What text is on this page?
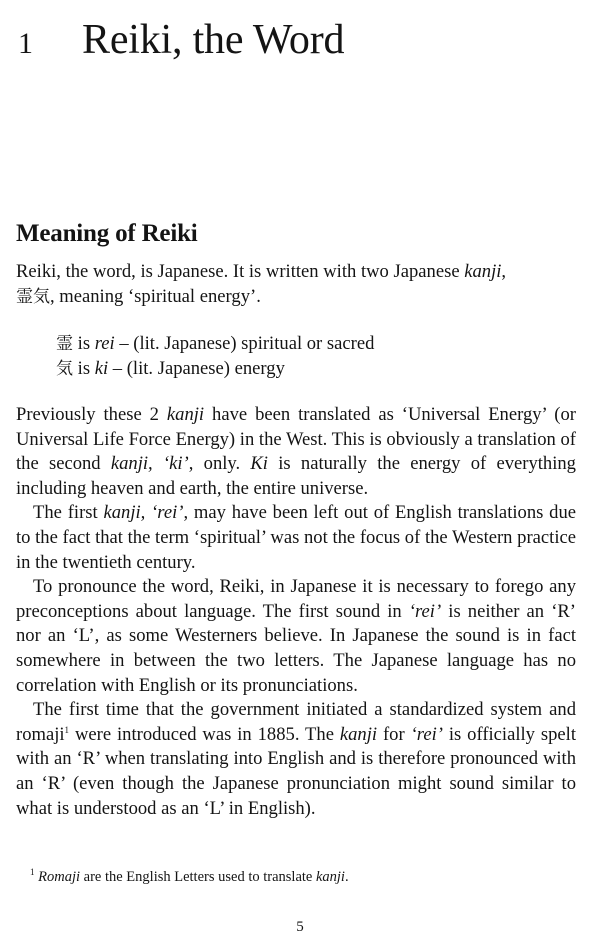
1	Reiki, the Word
Meaning of Reiki

Reiki, the word, is Japanese. It is written with two Japanese kanji,
霊気, meaning ‘spiritual energy’.

霊 is rei – (lit. Japanese) spiritual or sacred
気 is ki – (lit. Japanese) energy

Previously these 2 kanji have been translated as ‘Universal Energy’ (or Universal Life Force Energy) in the West. This is obviously a translation of the second kanji, ‘ki’, only. Ki is naturally the energy of everything including heaven and earth, the entire universe.

The first kanji, ‘rei’, may have been left out of English translations due to the fact that the term ‘spiritual’ was not the focus of the Western practice in the twentieth century.

To pronounce the word, Reiki, in Japanese it is necessary to forego any preconceptions about language. The first sound in ‘rei’ is neither an ‘R’ nor an ‘L’, as some Westerners believe. In Japanese the sound is in fact somewhere in between the two letters. The Japanese language has no correlation with English or its pronunciations.

The first time that the government initiated a standardized system and romaji$^1$ were introduced was in 1885. The kanji for ‘rei’ is officially spelt with an ‘R’ when translating into English and is therefore pronounced with an ‘R’ (even though the Japanese pronunciation might sound similar to what is understood as an ‘L’ in English).

$^1$ Romaji are the English Letters used to translate kanji.
5
